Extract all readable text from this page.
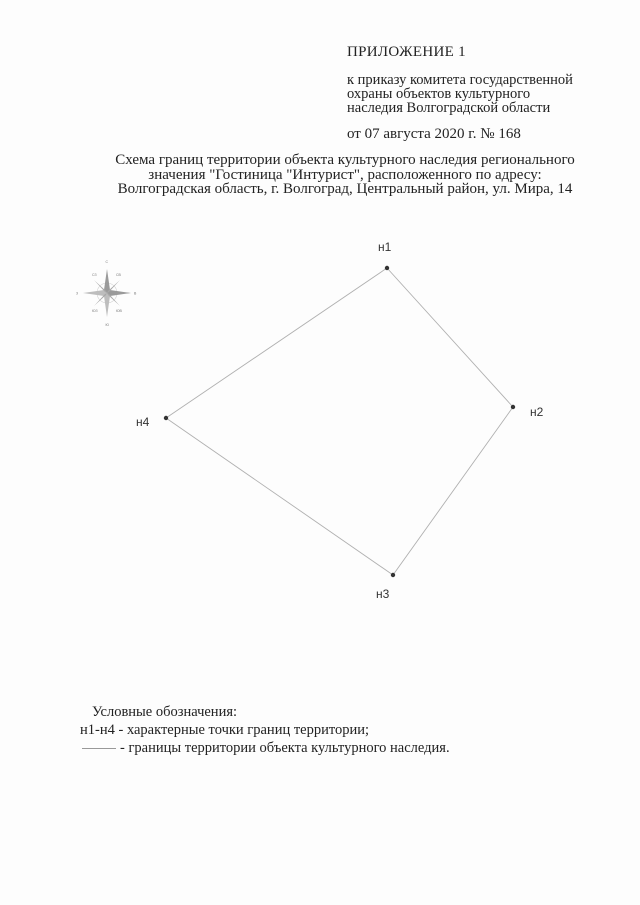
ПРИЛОЖЕНИЕ 1
к приказу комитета государственной
охраны объектов культурного
наследия Волгоградской области
от 07 августа 2020 г. № 168
Схема границ территории объекта культурного наследия регионального
значения "Гостиница "Интурист", расположенного по адресу:
Волгоградская область, г. Волгоград, Центральный район, ул. Мира, 14
С
СВ
В
ЮВ
Ю
ЮЗ
З
СЗ
н1
н2
н3
н4
Условные обозначения:
н1-н4 - характерные точки границ территории;
- границы территории объекта культурного наследия.
